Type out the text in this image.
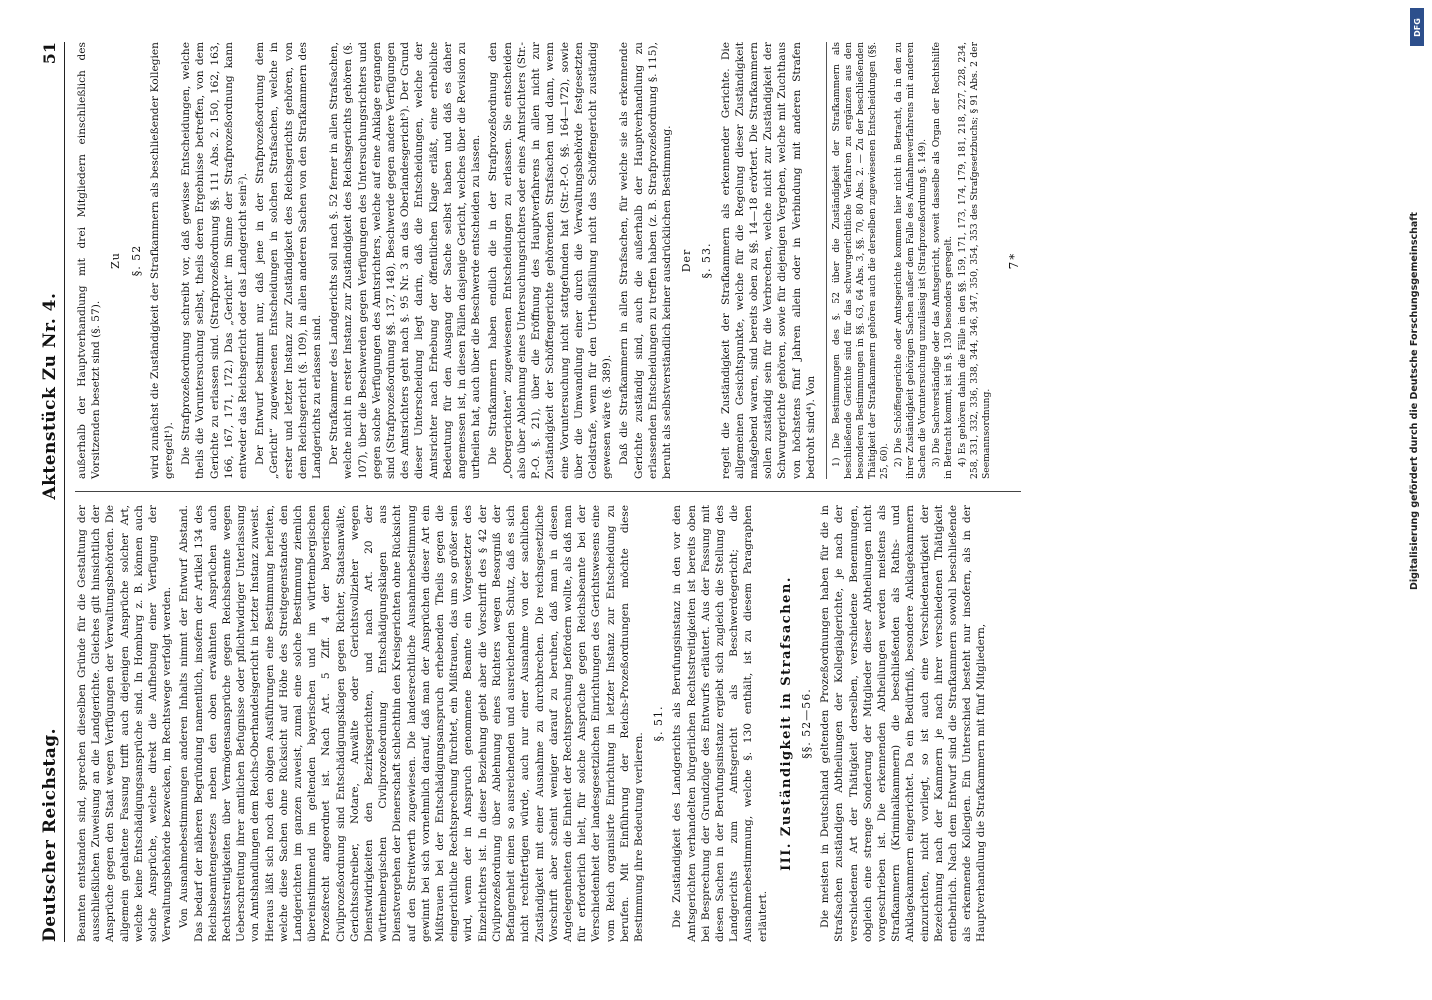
Deutscher Reichstag.
Aktenstück Zu Nr. 4.
51

Beamten entstanden sind, sprechen dieselben Gründe für die Gestaltung der ausschließlichen Zuweisung an die Landgerichte. Gleiches gilt hinsichtlich der Ansprüche gegen den Staat wegen Verfügungen der Verwaltungsbehörden. Die allgemein gehaltene Fassung trifft auch diejenigen Ansprüche solcher Art, welche keine Entschädigungsansprüche sind. In Homburg z. B. können auch solche Ansprüche, welche direkt die Aufhebung einer Verfügung der Verwaltungsbehörde bezwecken, im Rechtswege verfolgt werden. Von Ausnahmebestimmungen anderen Inhalts nimmt der Entwurf Abstand. Das bedarf der näheren Begründung namentlich, insofern der Artikel 134 des Reichsbeamtengesetzes neben den oben erwähnten Ansprüchen auch Rechtsstreitigkeiten über Vermögensansprüche gegen Reichsbeamte wegen Ueberschreitung ihrer amtlichen Befugnisse oder pflichtwidriger Unterlassung von Amtshandlungen dem Reichs-Oberhandelsgericht in letzter Instanz zuweist. Hieraus läßt sich noch den obigen Ausführungen eine Bestimmung herleiten, welche diese Sachen ohne Rücksicht auf Höhe des Streitgegenstandes den Landgerichten im ganzen zuweist, zumal eine solche Bestimmung ziemlich übereinstimmend im geltenden bayerischen und im württembergischen Prozeßrecht angeordnet ist. Nach Art. 5 Ziff. 4 der bayerischen Civilprozeßordnung sind Entschädigungsklagen gegen Richter, Staatsanwälte, Gerichtsschreiber, Notare, Anwälte oder Gerichtsvollzieher wegen Dienstwidrigkeiten den Bezirksgerichten, und nach Art. 20 der württembergischen Civilprozeßordnung Entschädigungsklagen aus Dienstvergehen der Dienerschaft schlechthin den Kreisgerichten ohne Rücksicht auf den Streitwerth zugewiesen. Die landesrechtliche Ausnahmebestimmung gewinnt bei sich vornehmlich darauf, daß man der Ansprüchen dieser Art ein Mißtrauen bei der Entschädigungsanspruch erhebenden Theils gegen die eingerichtliche Rechtsprechung fürchtet, ein Mißtrauen, das um so größer sein wird, wenn der in Anspruch genommene Beamte ein Vorgesetzter des Einzelrichters ist. In dieser Beziehung giebt aber die Vorschrift des § 42 der Civilprozeßordnung über Ablehnung eines Richters wegen Besorgniß der Befangenheit einen so ausreichenden und ausreichenden Schutz, daß es sich nicht rechtfertigen würde, auch nur einer Ausnahme von der sachlichen Zuständigkeit mit einer Ausnahme zu durchbrechen. Die reichsgesetzliche Vorschrift aber scheint weniger darauf zu beruhen, daß man in diesen Angelegenheiten die Einheit der Rechtsprechung befördern wollte, als daß man für erforderlich hielt, für solche Ansprüche gegen Reichsbeamte bei der Verschiedenheit der landesgesetzlichen Einrichtungen des Gerichtswesens eine vom Reich organisirte Einrichtung in letzter Instanz zur Entscheidung zu berufen. Mit Einführung der Reichs-Prozeßordnungen möchte diese Bestimmung ihre Bedeutung verlieren.

§. 51. Die Zuständigkeit des Landgerichts als Berufungsinstanz in den vor den Amtsgerichten verhandelten bürgerlichen Rechtsstreitigkeiten ist bereits oben bei Besprechung der Grundzüge des Entwurfs erläutert. Aus der Fassung mit diesen Sachen in der Berufungsinstanz ergiebt sich zugleich die Stellung des Landgerichts zum Amtsgericht als Beschwerdegericht; die Ausnahmebestimmung, welche §. 130 enthält, ist zu diesem Paragraphen erläutert.

III. Zuständigkeit in Strafsachen. §§. 52—56. Die meisten in Deutschland geltenden Prozeßordnungen haben für die in Strafsachen zuständigen Abtheilungen der Kollegialgerichte, je nach der verschiedenen Art der Thätigkeit derselben, verschiedene Benennungen, obgleich eine strenge Sonderung der Mitglieder dieser Abtheilungen nicht vorgeschrieben ist. Die erkennenden Abtheilungen werden meistens als Strafkammern (Kriminalkammern) die beschließenden als Raths- und Anklagekammern eingerichtet. Da ein Bedürfniß, besondere Anklagekammern einzurichten, nicht vorliegt, so ist auch eine Verschiedenartigkeit der Bezeichnung nach der Kammern je nach ihrer verschiedenen Thätigkeit entbehrlich. Nach dem Entwurf sind die Strafkammern sowohl beschließende als erkennende Kollegien. Ein Unterschied besteht nur insofern, als in der Hauptverhandlung die Strafkammern mit fünf Mitgliedern,

außerhalb der Hauptverhandlung mit drei Mitgliedern einschließlich des Vorsitzenden besetzt sind (§. 57).

Zu §. 52 wird zunächst die Zuständigkeit der Strafkammern als beschließender Kollegien geregelt¹). Die Strafprozeßordnung schreibt vor, daß gewisse Entscheidungen, welche theils die Voruntersuchung selbst, theils deren Ergebnisse betreffen, von dem Gerichte zu erlassen sind. (Strafprozeßordnung §§. 111 Abs. 2. 150, 162, 163, 166, 167, 171, 172.) Das „Gericht“ im Sinne der Strafprozeßordnung kann entweder das Reichsgericht oder das Landgericht sein²). Der Entwurf bestimmt nur, daß jene in der Strafprozeßordnung dem „Gericht“ zugewiesenen Entscheidungen in solchen Strafsachen, welche in erster und letzter Instanz zur Zuständigkeit des Reichsgerichts gehören, von dem Reichsgericht (§. 109), in allen anderen Sachen von den Strafkammern des Landgerichts zu erlassen sind. Der Strafkammer des Landgerichts soll nach §. 52 ferner in allen Strafsachen, welche nicht in erster Instanz zur Zuständigkeit des Reichsgerichts gehören (§. 107), über die Beschwerden gegen Verfügungen des Untersuchungsrichters und gegen solche Verfügungen des Amtsrichters, welche auf eine Anklage ergangen sind (Strafprozeßordnung §§. 137, 148), Beschwerde gegen andere Verfügungen des Amtsrichters geht nach §. 95 Nr. 3 an das Oberlandesgericht³). Der Grund dieser Unterscheidung liegt darin, daß die Entscheidungen, welche der Amtsrichter nach Erhebung der öffentlichen Klage erläßt, eine erhebliche Bedeutung für den Ausgang der Sache selbst haben und daß es daher angemessen ist, in diesen Fällen dasjenige Gericht, welches über die Revision zu urtheilen hat, auch über die Beschwerde entscheiden zu lassen. Die Strafkammern haben endlich die in der Strafprozeßordnung den „Obergerichten“ zugewiesenen Entscheidungen zu erlassen. Sie entscheiden also über Ablehnung eines Untersuchungsrichters oder eines Amtsrichters (Str.-P.-O. §. 21), über die Eröffnung des Hauptverfahrens in allen nicht zur Zuständigkeit der Schöffengerichte gehörenden Strafsachen und dann, wenn eine Voruntersuchung nicht stattgefunden hat (Str.-P.-O. §§. 164—172), sowie über die Umwandlung einer durch die Verwaltungsbehörde festgesetzten Geldstrafe, wenn für den Urtheilsfällung nicht das Schöffengericht zuständig gewesen wäre (§. 389). Daß die Strafkammern in allen Strafsachen, für welche sie als erkennende Gerichte zuständig sind, auch die außerhalb der Hauptverhandlung zu erlassenden Entscheidungen zu treffen haben (z. B. Strafprozeßordnung §. 115), beruht als selbstverständlich keiner ausdrücklichen Bestimmung. Der §. 53. regelt die Zuständigkeit der Strafkammern als erkennender Gerichte. Die allgemeinen Gesichtspunkte, welche für die Regelung dieser Zuständigkeit maßgebend waren, sind bereits oben zu §§. 14—18 erörtert. Die Strafkammern sollen zuständig sein für die Verbrechen, welche nicht zur Zuständigkeit der Schwurgerichte gehören, sowie für diejenigen Vergehen, welche mit Zuchthaus von höchstens fünf Jahren allein oder in Verbindung mit anderen Strafen bedroht sind⁴). Von 1) Die Bestimmungen des §. 52 über die Zuständigkeit der Strafkammern als beschließende Gerichte sind für das schwurgerichtliche Verfahren zu ergänzen aus den besonderen Bestimmungen in §§. 63, 64 Abs. 3, §§. 70, 80 Abs. 2. — Zu der beschließenden Thätigkeit der Strafkammern gehören auch die derselben zugewiesenen Entscheidungen (§§. 25, 60). 2) Die Schöffengerichte oder Amtsgerichte kommen hier nicht in Betracht, da in den zu ihrer Zuständigkeit gehörigen Sachen außer dem Falle des Aufnahmeverfahrens mit anderen Sachen die Voruntersuchung unzulässig ist (Strafprozeßordnung §. 149). 3) Die Sachverständige oder das Amtsgericht, soweit dasselbe als Organ der Rechtshilfe in Betracht kommt, ist in §. 130 besonders geregelt. 4) Es gehören dahin die Fälle in den §§. 159, 171, 173, 174, 179, 181, 218, 227, 228, 234, 258, 331, 332, 336, 338, 344, 346, 347, 350, 354, 353 des Strafgesetzbuchs; § 91 Abs. 2 der Seemannsordnung.

7*
DFG
Digitalisierung gefördert durch die Deutsche Forschungsgemeinschaft
